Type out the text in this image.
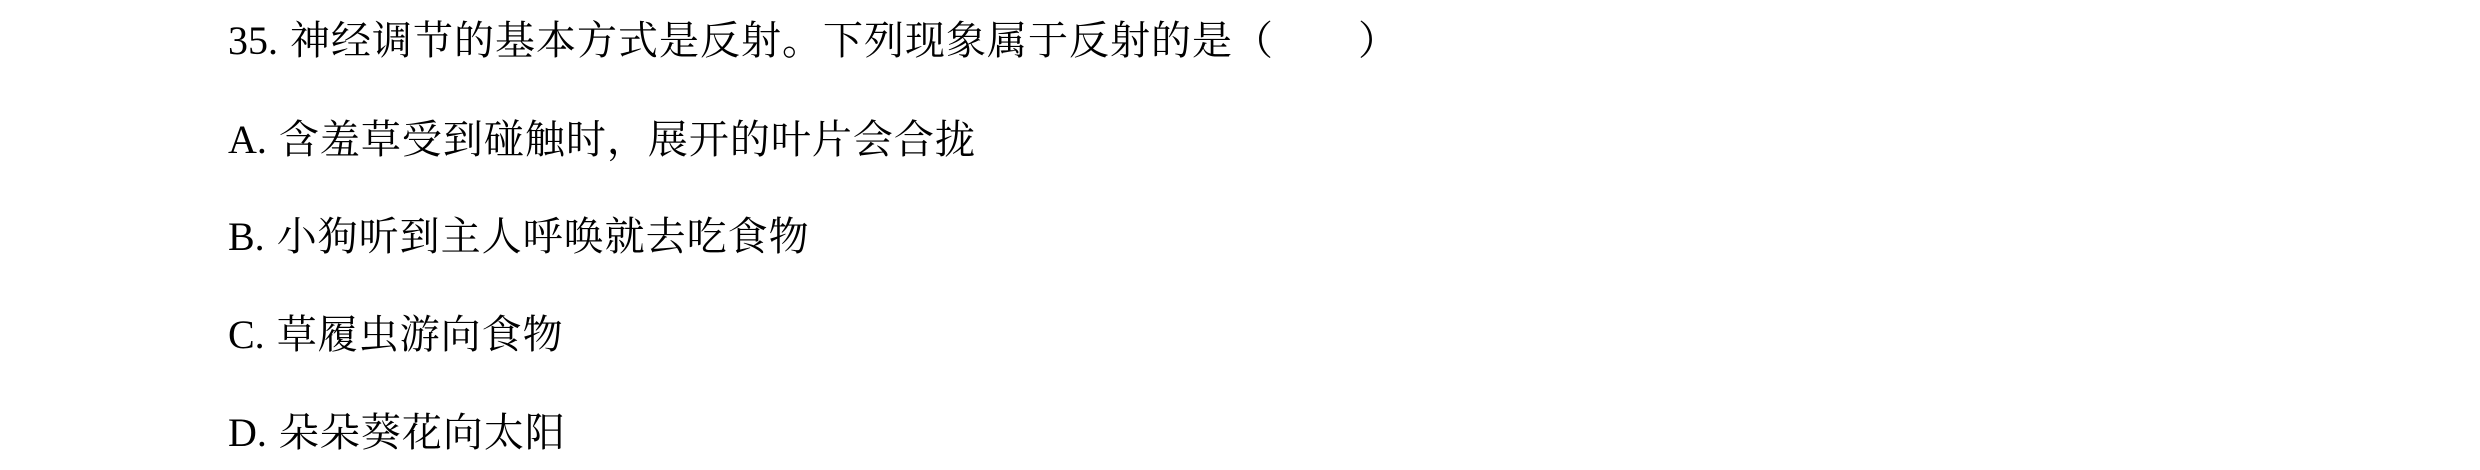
35. 神经调节的基本方式是反射。下列现象属于反射的是（ ）
A. 含羞草受到碰触时，展开的叶片会合拢
B. 小狗听到主人呼唤就去吃食物
C. 草履虫游向食物
D. 朵朵葵花向太阳
